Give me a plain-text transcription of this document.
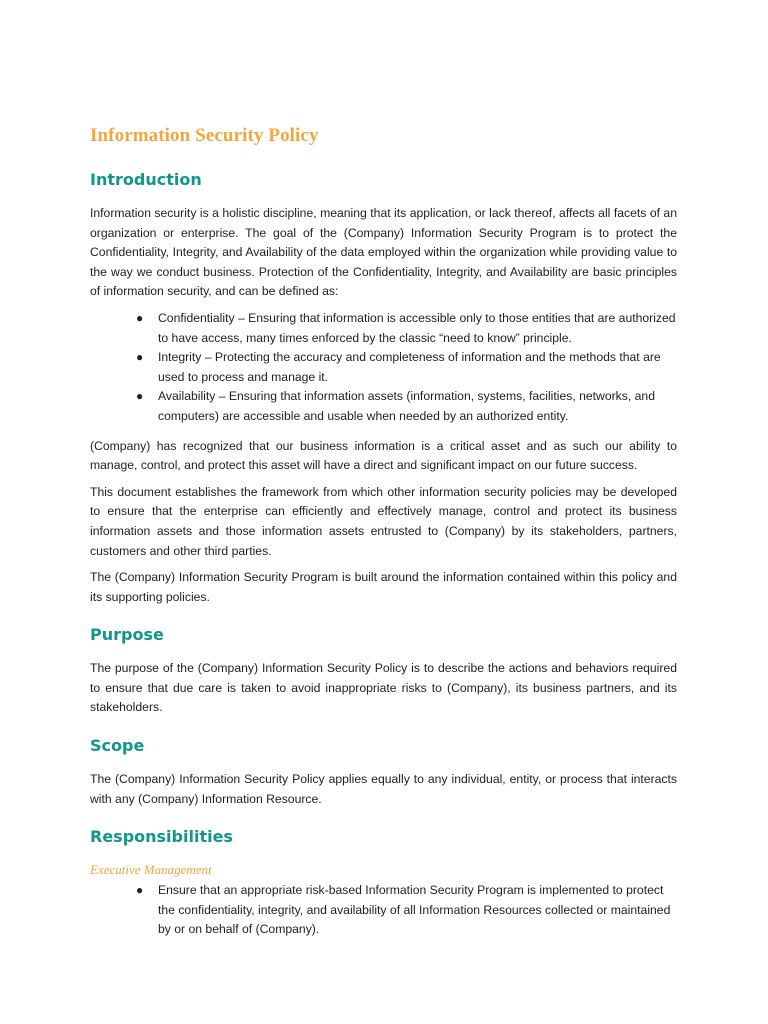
Information Security Policy
Introduction

Information security is a holistic discipline, meaning that its application, or lack thereof, affects all facets of an organization or enterprise. The goal of the (Company) Information Security Program is to protect the Confidentiality, Integrity, and Availability of the data employed within the organization while providing value to the way we conduct business. Protection of the Confidentiality, Integrity, and Availability are basic principles of information security, and can be defined as:

● Confidentiality – Ensuring that information is accessible only to those entities that are authorized to have access, many times enforced by the classic “need to know” principle.
● Integrity – Protecting the accuracy and completeness of information and the methods that are used to process and manage it.
● Availability – Ensuring that information assets (information, systems, facilities, networks, and computers) are accessible and usable when needed by an authorized entity.

(Company) has recognized that our business information is a critical asset and as such our ability to manage, control, and protect this asset will have a direct and significant impact on our future success.

This document establishes the framework from which other information security policies may be developed to ensure that the enterprise can efficiently and effectively manage, control and protect its business information assets and those information assets entrusted to (Company) by its stakeholders, partners, customers and other third parties.

The (Company) Information Security Program is built around the information contained within this policy and its supporting policies.

Purpose

The purpose of the (Company) Information Security Policy is to describe the actions and behaviors required to ensure that due care is taken to avoid inappropriate risks to (Company), its business partners, and its stakeholders.

Scope

The (Company) Information Security Policy applies equally to any individual, entity, or process that interacts with any (Company) Information Resource.

Responsibilities
Executive Management
● Ensure that an appropriate risk-based Information Security Program is implemented to protect the confidentiality, integrity, and availability of all Information Resources collected or maintained by or on behalf of (Company).
